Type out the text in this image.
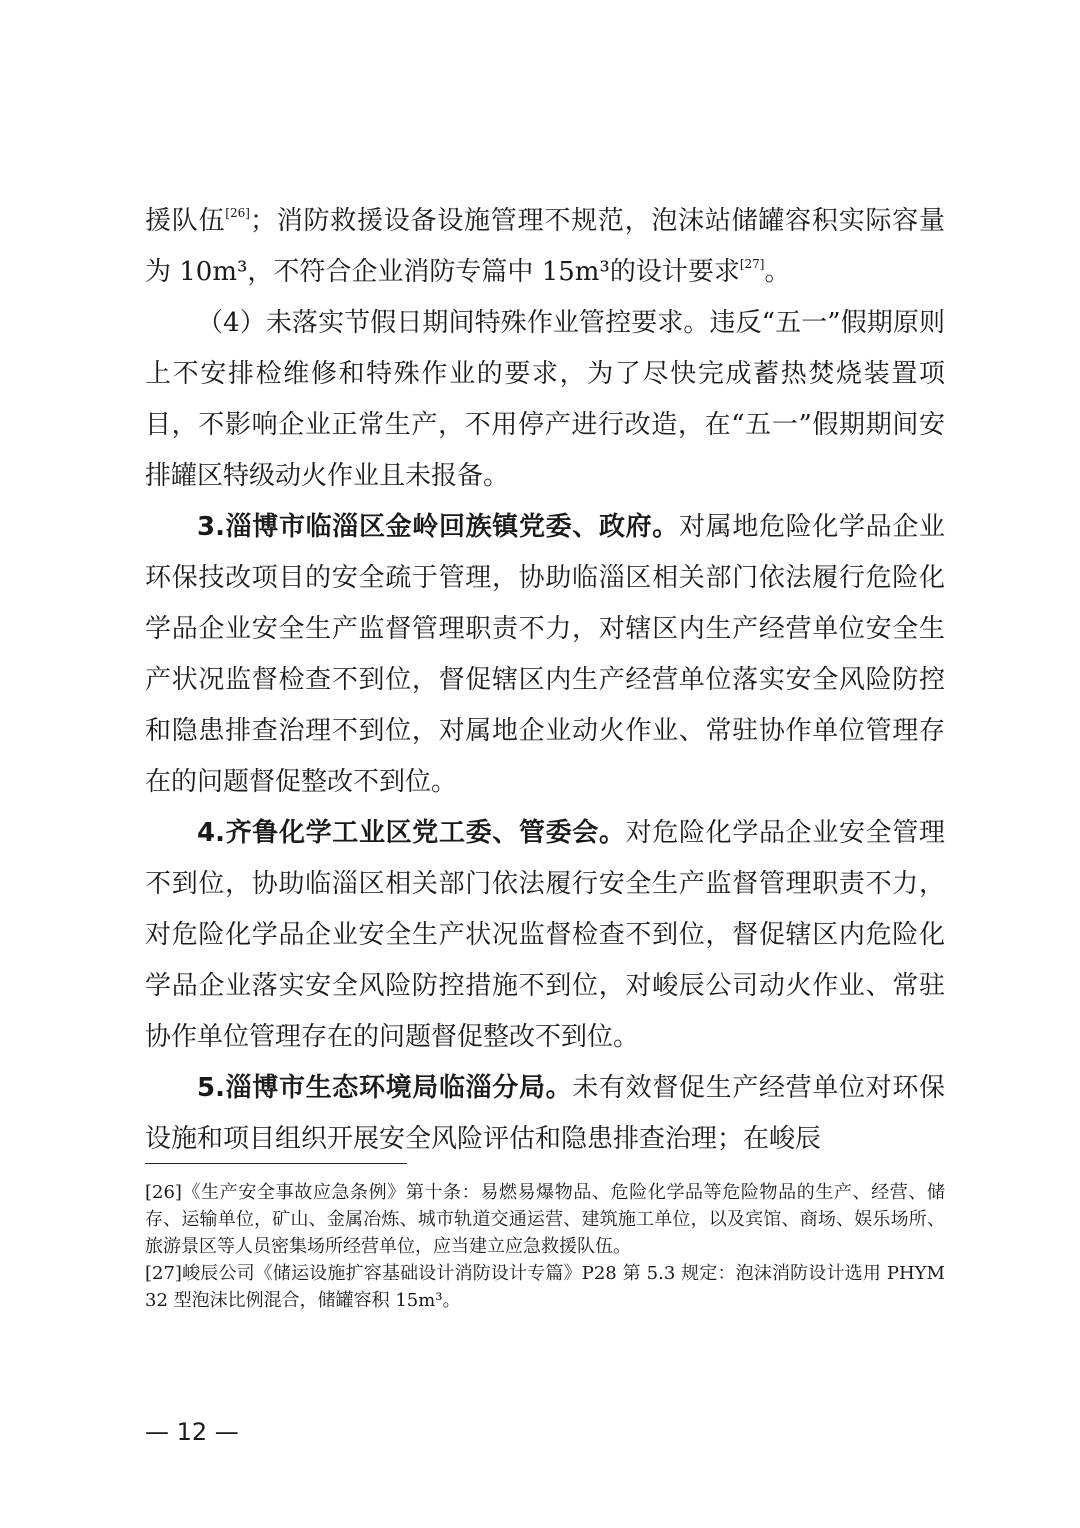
援队伍[26]；消防救援设备设施管理不规范，泡沫站储罐容积实际容量为 10m³，不符合企业消防专篇中 15m³的设计要求[27]。

（4）未落实节假日期间特殊作业管控要求。违反“五一”假期原则上不安排检维修和特殊作业的要求，为了尽快完成蓄热焚烧装置项目，不影响企业正常生产，不用停产进行改造，在“五一”假期期间安排罐区特级动火作业且未报备。

3.淄博市临淄区金岭回族镇党委、政府。对属地危险化学品企业环保技改项目的安全疏于管理，协助临淄区相关部门依法履行危险化学品企业安全生产监督管理职责不力，对辖区内生产经营单位安全生产状况监督检查不到位，督促辖区内生产经营单位落实安全风险防控和隐患排查治理不到位，对属地企业动火作业、常驻协作单位管理存在的问题督促整改不到位。

4.齐鲁化学工业区党工委、管委会。对危险化学品企业安全管理不到位，协助临淄区相关部门依法履行安全生产监督管理职责不力，对危险化学品企业安全生产状况监督检查不到位，督促辖区内危险化学品企业落实安全风险防控措施不到位，对峻辰公司动火作业、常驻协作单位管理存在的问题督促整改不到位。

5.淄博市生态环境局临淄分局。未有效督促生产经营单位对环保设施和项目组织开展安全风险评估和隐患排查治理；在峻辰

[26]《生产安全事故应急条例》第十条：易燃易爆物品、危险化学品等危险物品的生产、经营、储存、运输单位，矿山、金属冶炼、城市轨道交通运营、建筑施工单位，以及宾馆、商场、娱乐场所、旅游景区等人员密集场所经营单位，应当建立应急救援队伍。

[27]峻辰公司《储运设施扩容基础设计消防设计专篇》P28 第 5.3 规定：泡沫消防设计选用 PHYM32 型泡沫比例混合，储罐容积 15m³。

— 12 —
